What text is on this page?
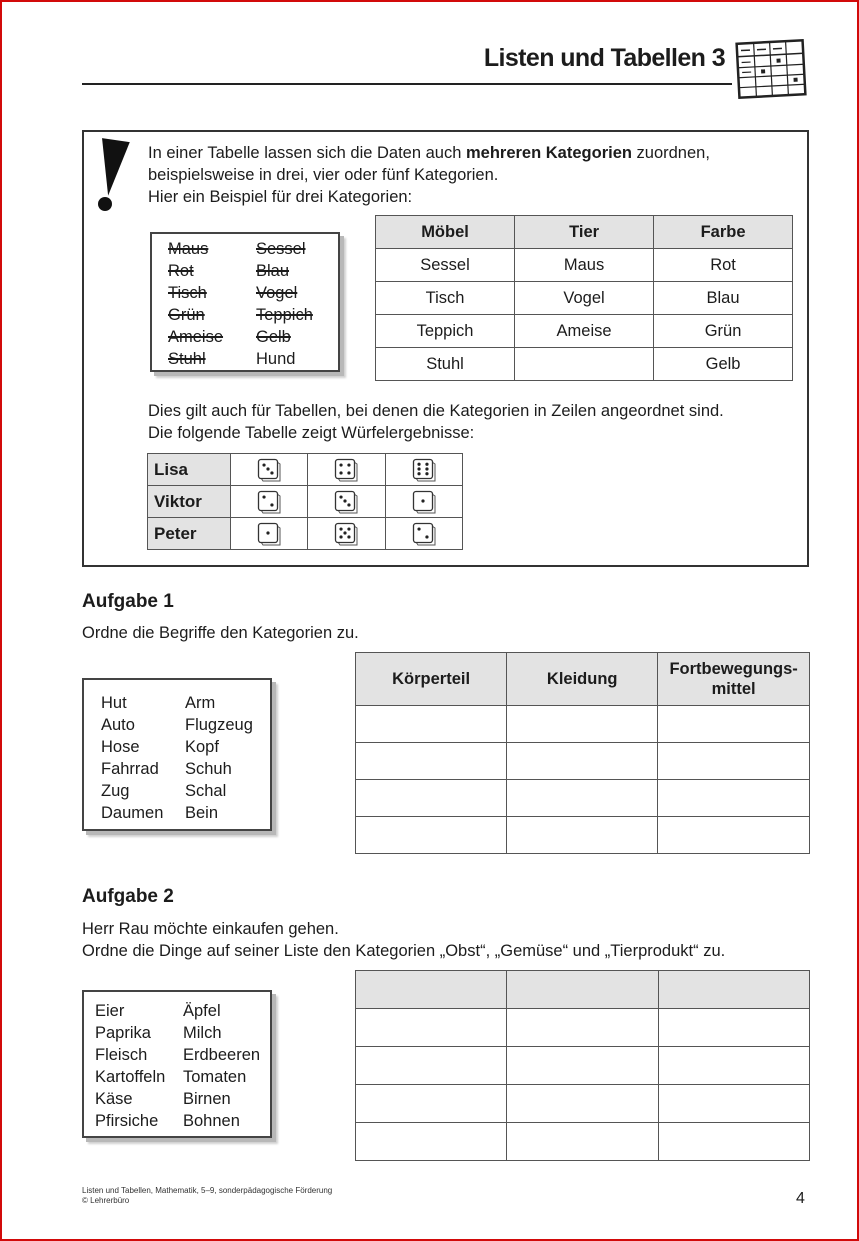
Listen und Tabellen 3
In einer Tabelle lassen sich die Daten auch mehreren Kategorien zuordnen,
beispielsweise in drei, vier oder fünf Kategorien.
Hier ein Beispiel für drei Kategorien:
Maus
Rot
Tisch
Grün
Ameise
Stuhl
Sessel
Blau
Vogel
Teppich
Gelb
Hund
Möbel	Tier	Farbe
Sessel	Maus	Rot
Tisch	Vogel	Blau
Teppich	Ameise	Grün
Stuhl		Gelb
Dies gilt auch für Tabellen, bei denen die Kategorien in Zeilen angeordnet sind.
Die folgende Tabelle zeigt Würfelergebnisse:
Lisa			
Viktor			
Peter			
Aufgabe 1
Ordne die Begriffe den Kategorien zu.
Hut
Auto
Hose
Fahrrad
Zug
Daumen
Arm
Flugzeug
Kopf
Schuh
Schal
Bein
Körperteil	Kleidung	Fortbewegungs-
mittel

Aufgabe 2
Herr Rau möchte einkaufen gehen.
Ordne die Dinge auf seiner Liste den Kategorien „Obst“, „Gemüse“ und „Tierprodukt“ zu.
Eier
Paprika
Fleisch
Kartoffeln
Käse
Pfirsiche
Äpfel
Milch
Erdbeeren
Tomaten
Birnen
Bohnen

Listen und Tabellen, Mathematik, 5–9, sonderpädagogische Förderung
© Lehrerbüro	4
